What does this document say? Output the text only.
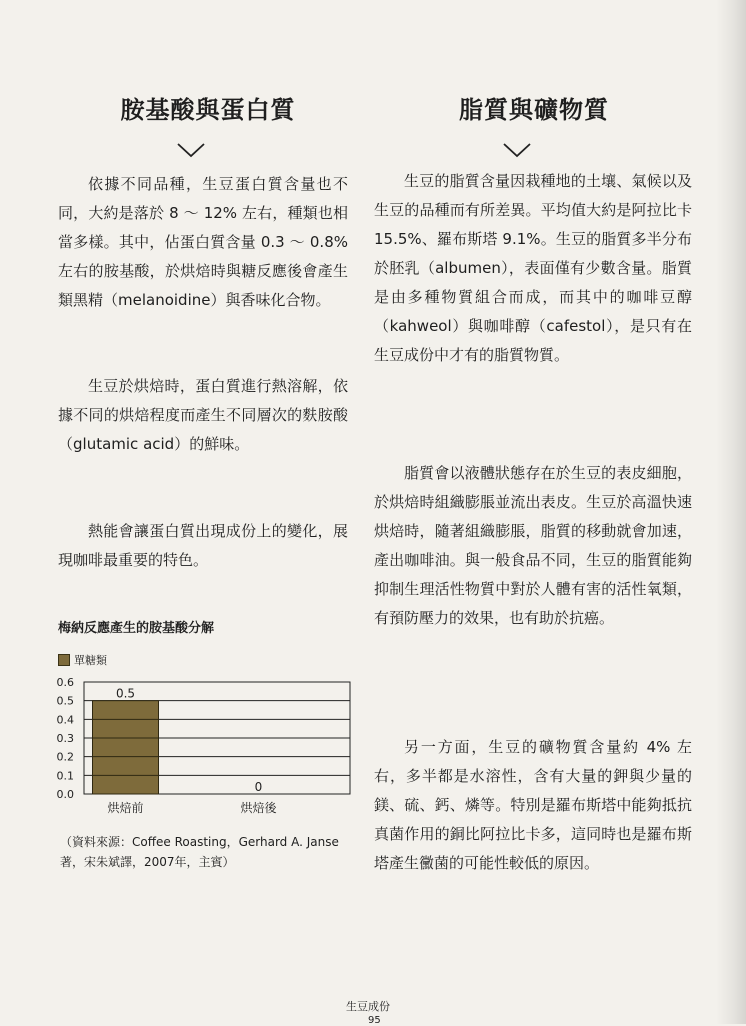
胺基酸與蛋白質

依據不同品種，生豆蛋白質含量也不同，大約是落於 8 ～ 12% 左右，種類也相當多樣。其中，佔蛋白質含量 0.3 ～ 0.8% 左右的胺基酸，於烘焙時與糖反應後會產生類黑精（melanoidine）與香味化合物。

生豆於烘焙時，蛋白質進行熱溶解，依據不同的烘焙程度而產生不同層次的麩胺酸（glutamic acid）的鮮味。

熱能會讓蛋白質出現成份上的變化，展現咖啡最重要的特色。

脂質與礦物質

生豆的脂質含量因栽種地的土壤、氣候以及生豆的品種而有所差異。平均值大約是阿拉比卡 15.5%、羅布斯塔 9.1%。生豆的脂質多半分布於胚乳（albumen），表面僅有少數含量。脂質是由多種物質組合而成，而其中的咖啡豆醇（kahweol）與咖啡醇（cafestol），是只有在生豆成份中才有的脂質物質。

脂質會以液體狀態存在於生豆的表皮細胞，於烘焙時組織膨脹並流出表皮。生豆於高溫快速烘焙時，隨著組織膨脹，脂質的移動就會加速，產出咖啡油。與一般食品不同，生豆的脂質能夠抑制生理活性物質中對於人體有害的活性氧類，有預防壓力的效果，也有助於抗癌。

另一方面，生豆的礦物質含量約 4% 左右，多半都是水溶性，含有大量的鉀與少量的鎂、硫、鈣、燐等。特別是羅布斯塔中能夠抵抗真菌作用的銅比阿拉比卡多，這同時也是羅布斯塔產生黴菌的可能性較低的原因。

梅納反應產生的胺基酸分解

單糖類
0.0
0.1
0.2
0.3
0.4
0.5
0.6
0.5
烘焙前
0
烘焙後

（資料來源：Coffee Roasting，Gerhard A. Janse著，宋朱斌譯，2007年，主賓）

生豆成份

95
